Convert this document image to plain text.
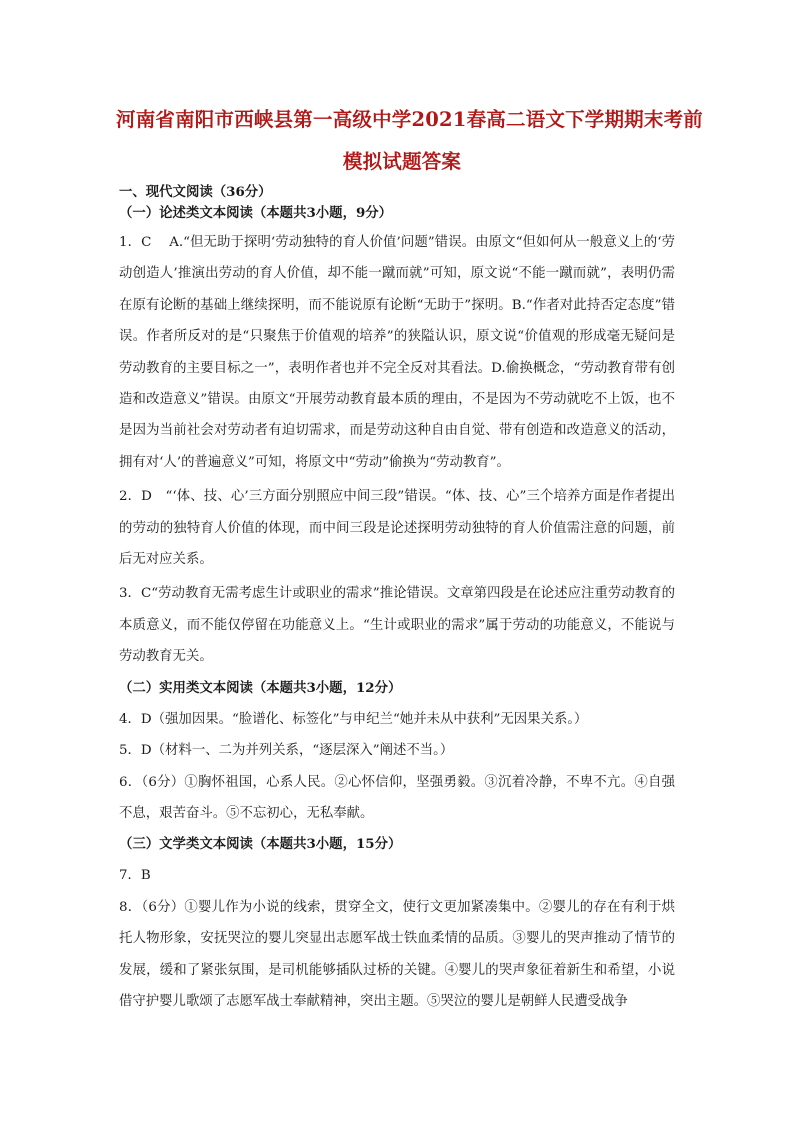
河南省南阳市西峡县第一高级中学2021春高二语文下学期期末考前
模拟试题答案
一、现代文阅读（36分）
（一）论述类文本阅读（本题共3小题，9分）

1．C　 A.“但无助于探明‘劳动独特的育人价值’问题”错误。由原文“但如何从一般意义上的‘劳动创造人’推演出劳动的育人价值，却不能一蹴而就”可知，原文说“不能一蹴而就”，表明仍需在原有论断的基础上继续探明，而不能说原有论断“无助于”探明。B.“作者对此持否定态度”错误。作者所反对的是“只聚焦于价值观的培养”的狭隘认识，原文说“价值观的形成毫无疑问是劳动教育的主要目标之一”，表明作者也并不完全反对其看法。D.偷换概念，“劳动教育带有创造和改造意义”错误。由原文“开展劳动教育最本质的理由，不是因为不劳动就吃不上饭，也不是因为当前社会对劳动者有迫切需求，而是劳动这种自由自觉、带有创造和改造意义的活动，拥有对‘人’的普遍意义”可知，将原文中“劳动”偷换为“劳动教育”。

2．D　“‘体、技、心’三方面分别照应中间三段”错误。“体、技、心”三个培养方面是作者提出的劳动的独特育人价值的体现，而中间三段是论述探明劳动独特的育人价值需注意的问题，前后无对应关系。

3．C“劳动教育无需考虑生计或职业的需求”推论错误。文章第四段是在论述应注重劳动教育的本质意义，而不能仅停留在功能意义上。“生计或职业的需求”属于劳动的功能意义，不能说与劳动教育无关。

（二）实用类文本阅读（本题共3小题，12分）

4．D（强加因果。“脸谱化、标签化”与申纪兰“她并未从中获利”无因果关系。）

5．D（材料一、二为并列关系，“逐层深入”阐述不当。）

6．（6分）①胸怀祖国，心系人民。②心怀信仰，坚强勇毅。③沉着冷静，不卑不亢。④自强不息，艰苦奋斗。⑤不忘初心，无私奉献。

（三）文学类文本阅读（本题共3小题，15分）

7．B

8．（6分）①婴儿作为小说的线索，贯穿全文，使行文更加紧凑集中。②婴儿的存在有利于烘托人物形象，安抚哭泣的婴儿突显出志愿军战士铁血柔情的品质。③婴儿的哭声推动了情节的发展，缓和了紧张氛围，是司机能够插队过桥的关键。④婴儿的哭声象征着新生和希望，小说借守护婴儿歌颂了志愿军战士奉献精神，突出主题。⑤哭泣的婴儿是朝鲜人民遭受战争
